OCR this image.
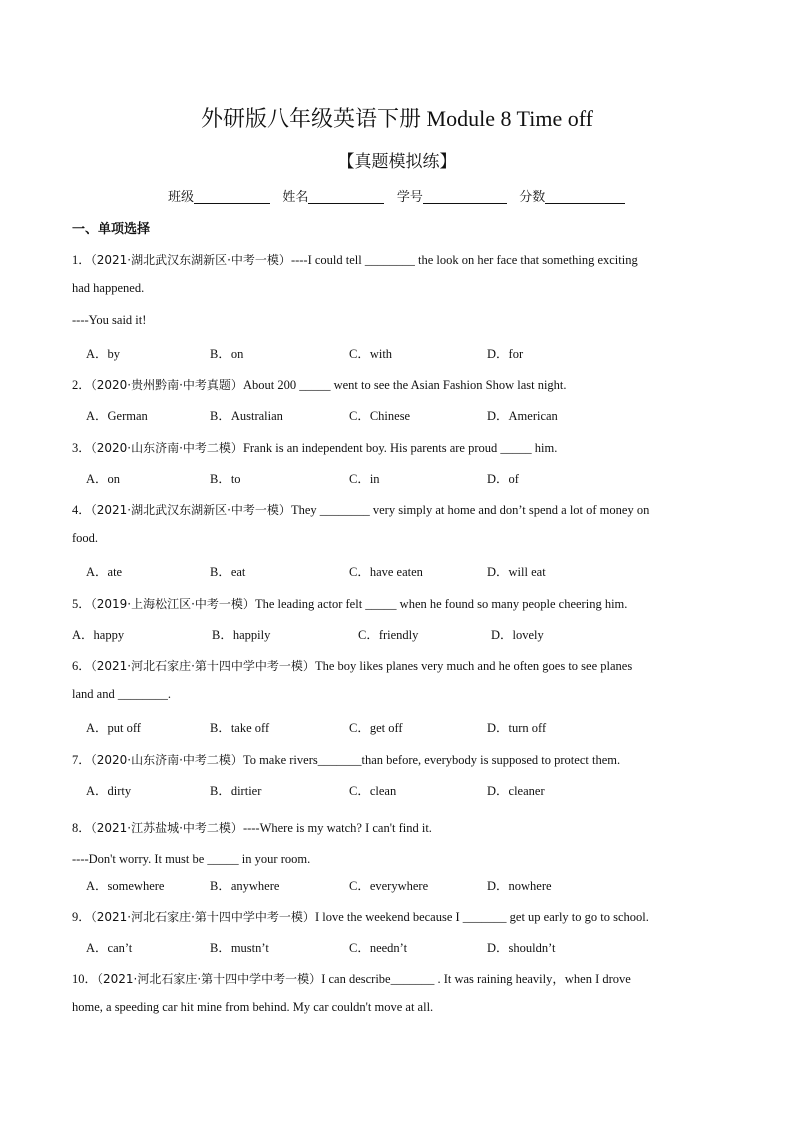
外研版八年级英语下册 Module 8 Time off
【真题模拟练】
班级	姓名	学号	分数
一、单项选择
1．（2021·湖北武汉东湖新区·中考一模）----I could tell ________ the look on her face that something exciting
had happened.
----You said it!
A．by	B．on	C．with	D．for
2．（2020·贵州黔南·中考真题）About 200 _____ went to see the Asian Fashion Show last night.
A．German	B．Australian	C．Chinese	D．American
3．（2020·山东济南·中考二模）Frank is an independent boy. His parents are proud _____ him.
A．on	B．to	C．in	D．of
4．（2021·湖北武汉东湖新区·中考一模）They ________ very simply at home and don’t spend a lot of money on
food.
A．ate	B．eat	C．have eaten	D．will eat
5．（2019·上海松江区·中考一模）The leading actor felt _____ when he found so many people cheering him.
A．happy	B．happily	C．friendly	D．lovely
6．（2021·河北石家庄·第十四中学中考一模）The boy likes planes very much and he often goes to see planes
land and ________.
A．put off	B．take off	C．get off	D．turn off
7．（2020·山东济南·中考二模）To make rivers_______than before, everybody is supposed to protect them.
A．dirty	B．dirtier	C．clean	D．cleaner
8．（2021·江苏盐城·中考二模）----Where is my watch? I can't find it.
----Don't worry. It must be _____ in your room.
A．somewhere	B．anywhere	C．everywhere	D．nowhere
9．（2021·河北石家庄·第十四中学中考一模）I love the weekend because I _______ get up early to go to school.
A．can’t	B．mustn’t	C．needn’t	D．shouldn’t
10．（2021·河北石家庄·第十四中学中考一模）I can describe_______ . It was raining heavily，when I drove
home, a speeding car hit mine from behind. My car couldn't move at all.
